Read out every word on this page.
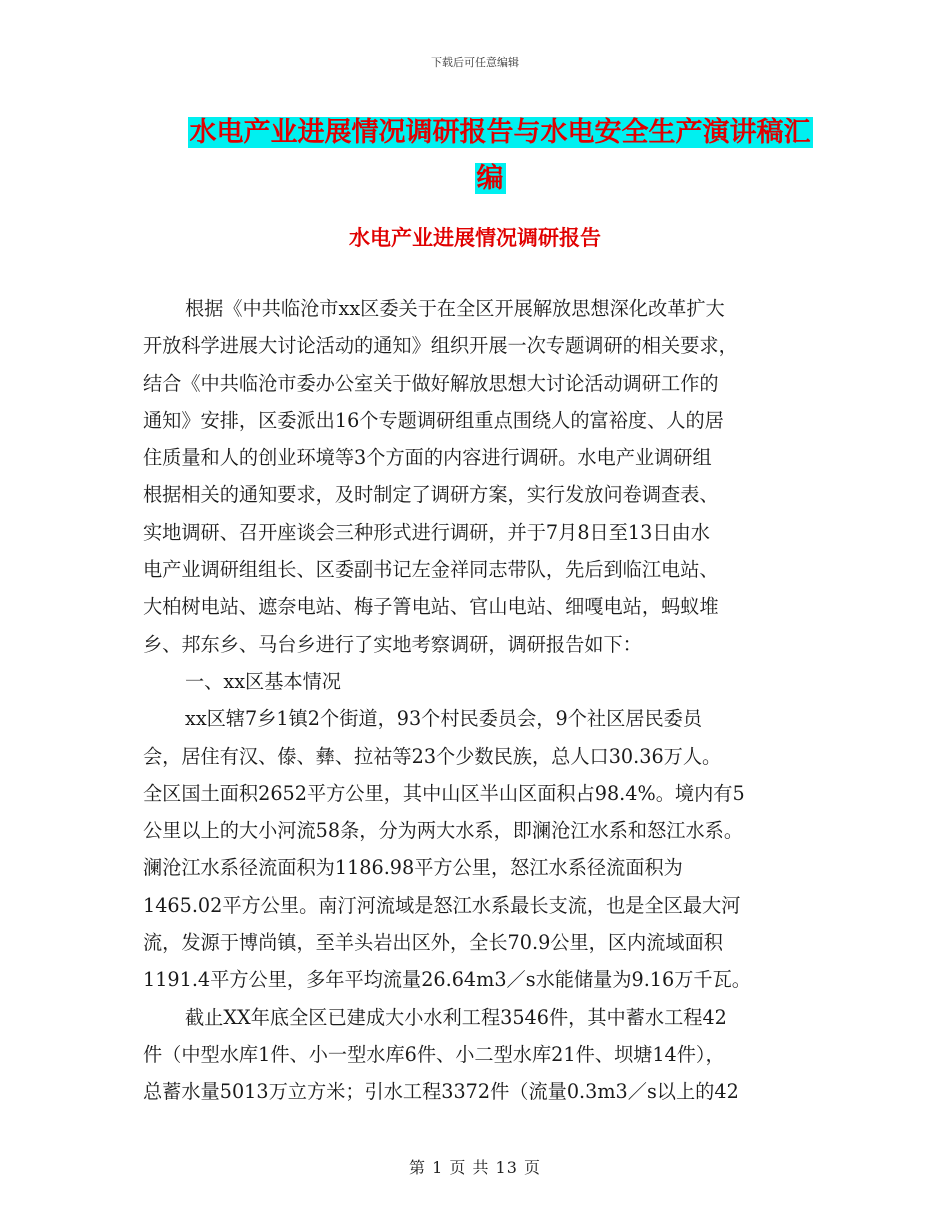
下载后可任意编辑
水电产业进展情况调研报告与水电安全生产演讲稿汇
编
水电产业进展情况调研报告
根据《中共临沧市xx区委关于在全区开展解放思想深化改革扩大
开放科学进展大讨论活动的通知》组织开展一次专题调研的相关要求，
结合《中共临沧市委办公室关于做好解放思想大讨论活动调研工作的
通知》安排，区委派出16个专题调研组重点围绕人的富裕度、人的居
住质量和人的创业环境等3个方面的内容进行调研。水电产业调研组
根据相关的通知要求，及时制定了调研方案，实行发放问卷调查表、
实地调研、召开座谈会三种形式进行调研，并于7月8日至13日由水
电产业调研组组长、区委副书记左金祥同志带队，先后到临江电站、
大柏树电站、遮奈电站、梅子箐电站、官山电站、细嘎电站，蚂蚁堆
乡、邦东乡、马台乡进行了实地考察调研，调研报告如下：
一、xx区基本情况
xx区辖7乡1镇2个街道，93个村民委员会，9个社区居民委员
会，居住有汉、傣、彝、拉祜等23个少数民族，总人口30.36万人。
全区国土面积2652平方公里，其中山区半山区面积占98.4%。境内有5
公里以上的大小河流58条，分为两大水系，即澜沧江水系和怒江水系。
澜沧江水系径流面积为1186.98平方公里，怒江水系径流面积为
1465.02平方公里。南汀河流域是怒江水系最长支流，也是全区最大河
流，发源于博尚镇，至羊头岩出区外，全长70.9公里，区内流域面积
1191.4平方公里，多年平均流量26.64m3／s水能储量为9.16万千瓦。
截止XX年底全区已建成大小水利工程3546件，其中蓄水工程42
件（中型水库1件、小一型水库6件、小二型水库21件、坝塘14件），
总蓄水量5013万立方米；引水工程3372件（流量0.3m3／s以上的42
第 1 页 共 13 页
